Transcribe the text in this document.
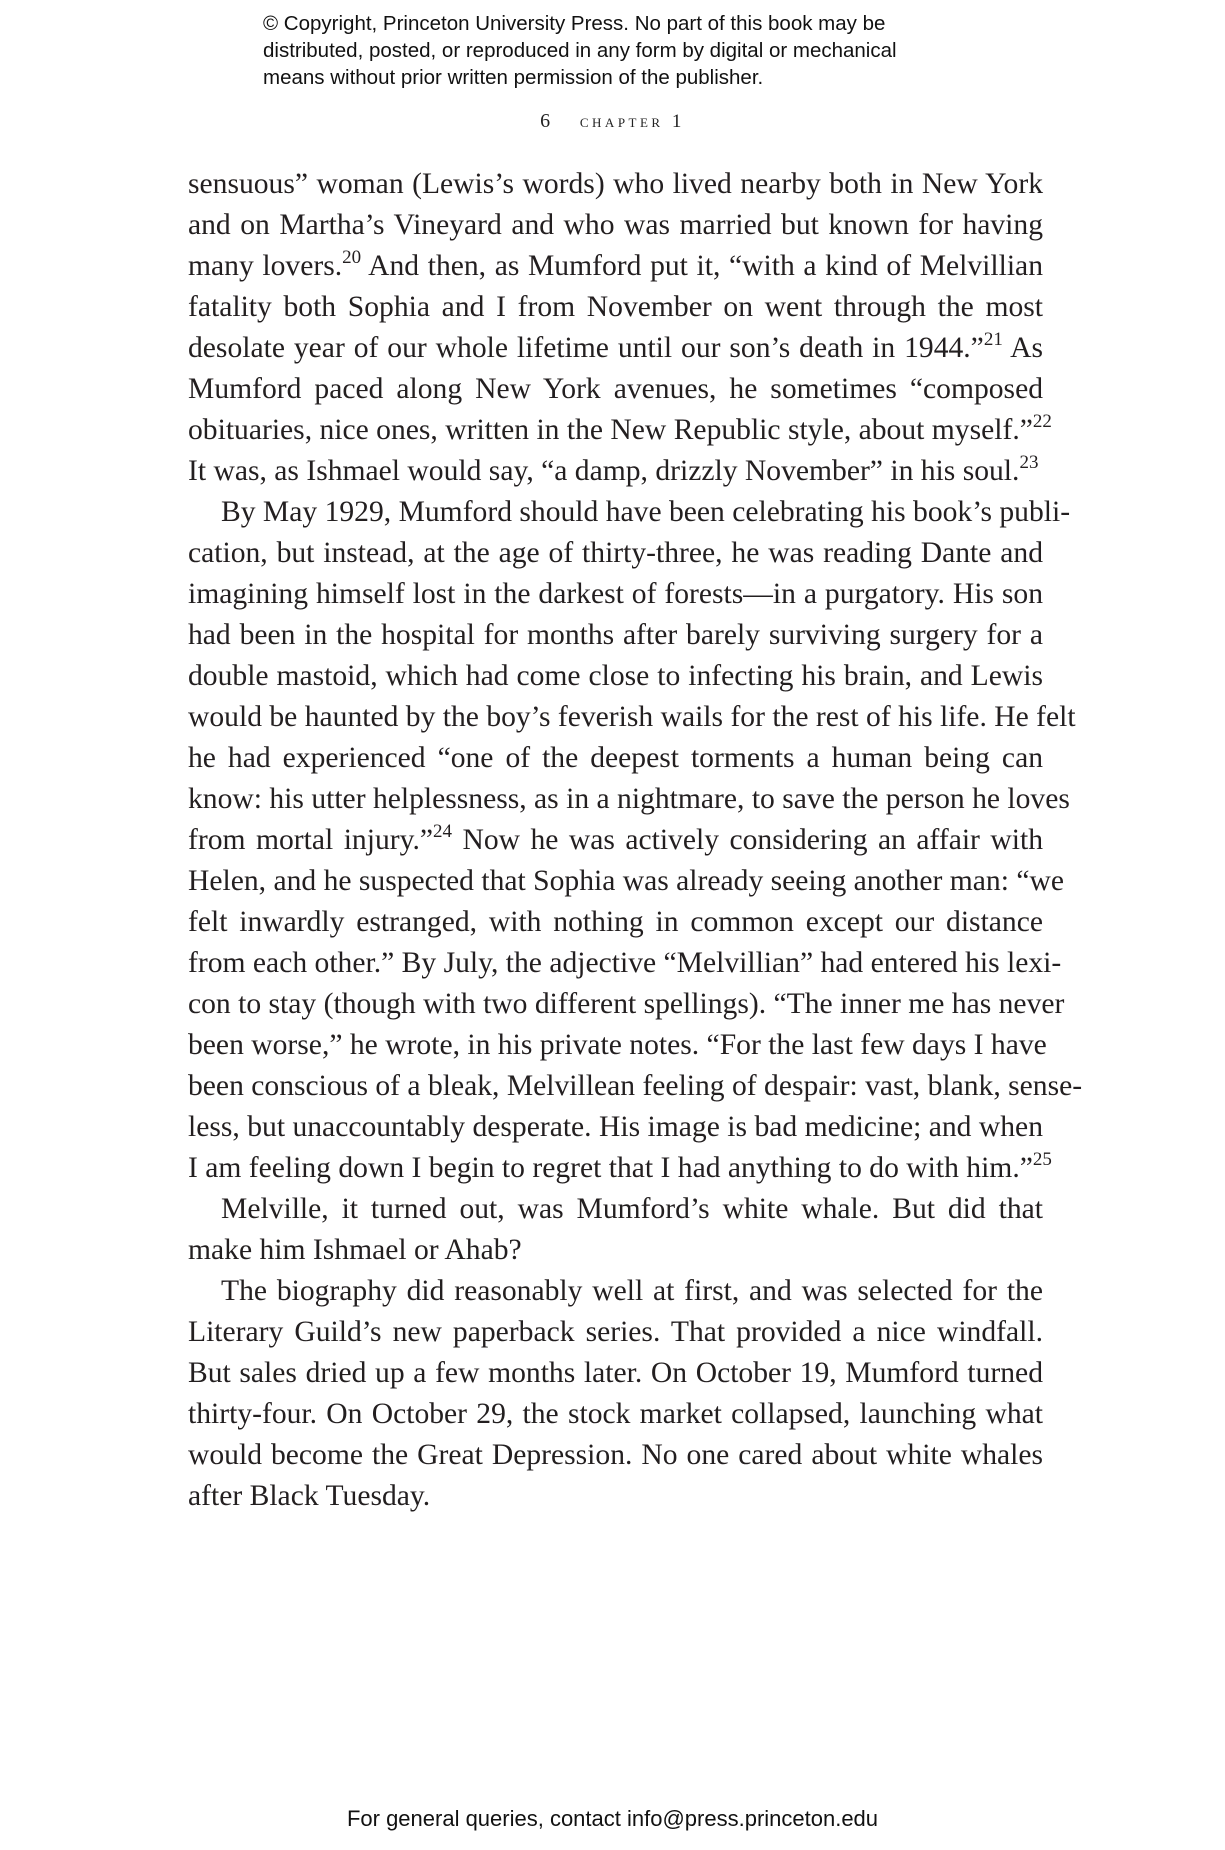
© Copyright, Princeton University Press. No part of this book may be
distributed, posted, or reproduced in any form by digital or mechanical
means without prior written permission of the publisher.
6 chapter 1
sensuous” woman (Lewis’s words) who lived nearby both in New York
and on Martha’s Vineyard and who was married but known for having
many lovers.$^{20}$ And then, as Mumford put it, “with a kind of Melvillian
fatality both Sophia and I from November on went through the most
desolate year of our whole lifetime until our son’s death in 1944.”$^{21}$ As
Mumford paced along New York avenues, he sometimes “composed
obituaries, nice ones, written in the New Republic style, about myself.”$^{22}$
It was, as Ishmael would say, “a damp, drizzly November” in his soul.$^{23}$
By May 1929, Mumford should have been celebrating his book’s publi-
cation, but instead, at the age of thirty-three, he was reading Dante and
imagining himself lost in the darkest of forests—in a purgatory. His son
had been in the hospital for months after barely surviving surgery for a
double mastoid, which had come close to infecting his brain, and Lewis
would be haunted by the boy’s feverish wails for the rest of his life. He felt
he had experienced “one of the deepest torments a human being can
know: his utter helplessness, as in a nightmare, to save the person he loves
from mortal injury.”$^{24}$ Now he was actively considering an affair with
Helen, and he suspected that Sophia was already seeing another man: “we
felt inwardly estranged, with nothing in common except our distance
from each other.” By July, the adjective “Melvillian” had entered his lexi-
con to stay (though with two different spellings). “The inner me has never
been worse,” he wrote, in his private notes. “For the last few days I have
been conscious of a bleak, Melvillean feeling of despair: vast, blank, sense-
less, but unaccountably desperate. His image is bad medicine; and when
I am feeling down I begin to regret that I had anything to do with him.”$^{25}$
Melville, it turned out, was Mumford’s white whale. But did that
make him Ishmael or Ahab?
The biography did reasonably well at first, and was selected for the
Literary Guild’s new paperback series. That provided a nice windfall.
But sales dried up a few months later. On October 19, Mumford turned
thirty-four. On October 29, the stock market collapsed, launching what
would become the Great Depression. No one cared about white whales
after Black Tuesday.
For general queries, contact info@press.princeton.edu
